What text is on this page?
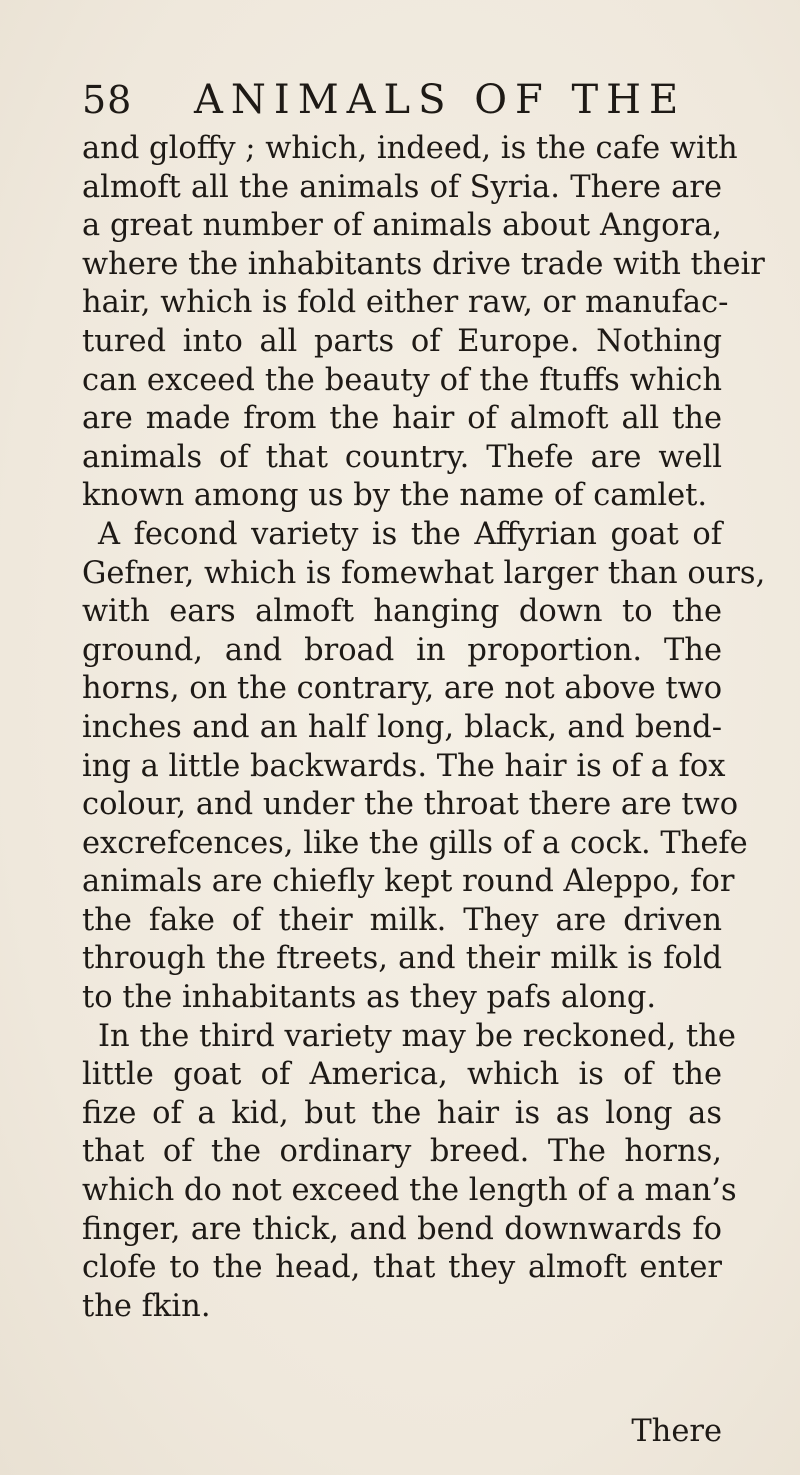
58 ANIMALS OF THE
and gloffy ; which, indeed, is the cafe with
almoft all the animals of Syria. There are
a great number of animals about Angora,
where the inhabitants drive trade with their
hair, which is fold either raw, or manufac-
tured into all parts of Europe. Nothing
can exceed the beauty of the ftuffs which
are made from the hair of almoft all the
animals of that country. Thefe are well
known among us by the name of camlet.
A fecond variety is the Affyrian goat of
Gefner, which is fomewhat larger than ours,
with ears almoft hanging down to the
ground, and broad in proportion. The
horns, on the contrary, are not above two
inches and an half long, black, and bend-
ing a little backwards. The hair is of a fox
colour, and under the throat there are two
excrefcences, like the gills of a cock. Thefe
animals are chiefly kept round Aleppo, for
the fake of their milk. They are driven
through the ftreets, and their milk is fold
to the inhabitants as they pafs along.
In the third variety may be reckoned, the
little goat of America, which is of the
fize of a kid, but the hair is as long as
that of the ordinary breed. The horns,
which do not exceed the length of a man’s
finger, are thick, and bend downwards fo
clofe to the head, that they almoft enter
the fkin.
There
